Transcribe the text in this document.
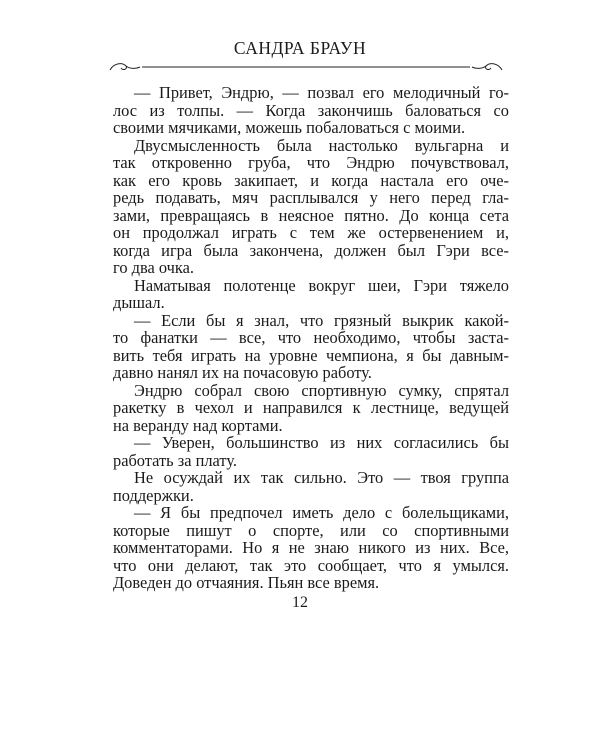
САНДРА БРАУН
— Привет, Эндрю, — позвал его мелодичный го-
лос из толпы. — Когда закончишь баловаться со
своими мячиками, можешь побаловаться с моими.
Двусмысленность была настолько вульгарна и
так откровенно груба, что Эндрю почувствовал,
как его кровь закипает, и когда настала его оче-
редь подавать, мяч расплывался у него перед гла-
зами, превращаясь в неясное пятно. До конца сета
он продолжал играть с тем же остервенением и,
когда игра была закончена, должен был Гэри все-
го два очка.
Наматывая полотенце вокруг шеи, Гэри тяжело
дышал.
— Если бы я знал, что грязный выкрик какой-
то фанатки — все, что необходимо, чтобы заста-
вить тебя играть на уровне чемпиона, я бы давным-
давно нанял их на почасовую работу.
Эндрю собрал свою спортивную сумку, спрятал
ракетку в чехол и направился к лестнице, ведущей
на веранду над кортами.
— Уверен, большинство из них согласились бы
работать за плату.
Не осуждай их так сильно. Это — твоя группа
поддержки.
— Я бы предпочел иметь дело с болельщиками,
которые пишут о спорте, или со спортивными
комментаторами. Но я не знаю никого из них. Все,
что они делают, так это сообщает, что я умылся.
Доведен до отчаяния. Пьян все время.
12
